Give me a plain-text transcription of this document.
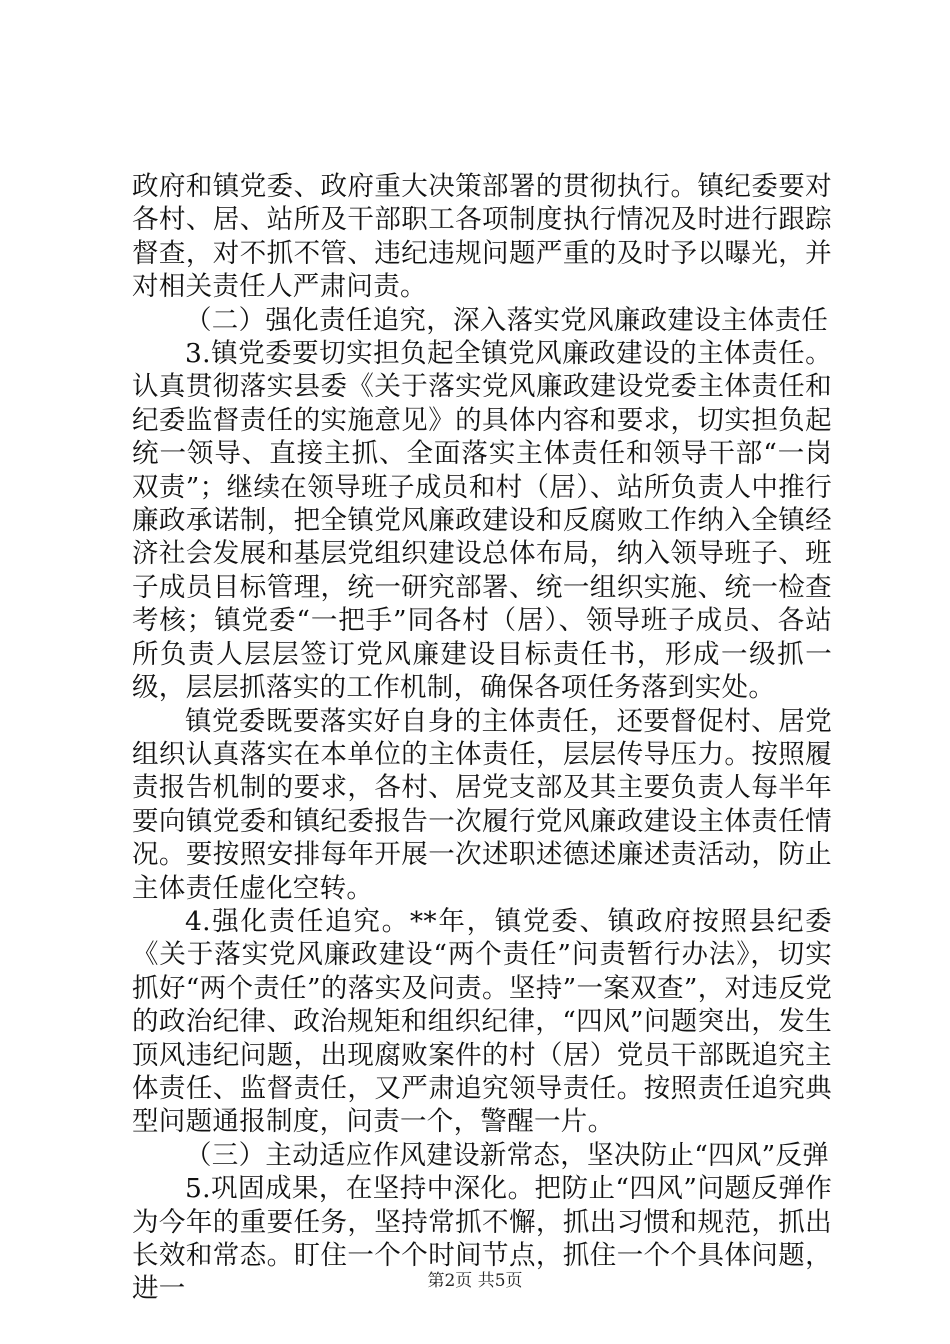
政府和镇党委、政府重大决策部署的贯彻执行。镇纪委要对各村、居、站所及干部职工各项制度执行情况及时进行跟踪督查，对不抓不管、违纪违规问题严重的及时予以曝光，并对相关责任人严肃问责。

（二）强化责任追究，深入落实党风廉政建设主体责任

3.镇党委要切实担负起全镇党风廉政建设的主体责任。认真贯彻落实县委《关于落实党风廉政建设党委主体责任和纪委监督责任的实施意见》的具体内容和要求，切实担负起统一领导、直接主抓、全面落实主体责任和领导干部“一岗双责”；继续在领导班子成员和村（居）、站所负责人中推行廉政承诺制，把全镇党风廉政建设和反腐败工作纳入全镇经济社会发展和基层党组织建设总体布局，纳入领导班子、班子成员目标管理，统一研究部署、统一组织实施、统一检查考核；镇党委“一把手”同各村（居）、领导班子成员、各站所负责人层层签订党风廉建设目标责任书，形成一级抓一级，层层抓落实的工作机制，确保各项任务落到实处。

镇党委既要落实好自身的主体责任，还要督促村、居党组织认真落实在本单位的主体责任，层层传导压力。按照履责报告机制的要求，各村、居党支部及其主要负责人每半年要向镇党委和镇纪委报告一次履行党风廉政建设主体责任情况。要按照安排每年开展一次述职述德述廉述责活动，防止主体责任虚化空转。

4.强化责任追究。**年，镇党委、镇政府按照县纪委《关于落实党风廉政建设“两个责任”问责暂行办法》，切实抓好“两个责任”的落实及问责。坚持”一案双查”，对违反党的政治纪律、政治规矩和组织纪律，“四风”问题突出，发生顶风违纪问题，出现腐败案件的村（居）党员干部既追究主体责任、监督责任，又严肃追究领导责任。按照责任追究典型问题通报制度，问责一个，警醒一片。

（三）主动适应作风建设新常态，坚决防止“四风”反弹

5.巩固成果，在坚持中深化。把防止“四风”问题反弹作为今年的重要任务，坚持常抓不懈，抓出习惯和规范，抓出长效和常态。盯住一个个时间节点，抓住一个个具体问题，进一	第2页 共5页
